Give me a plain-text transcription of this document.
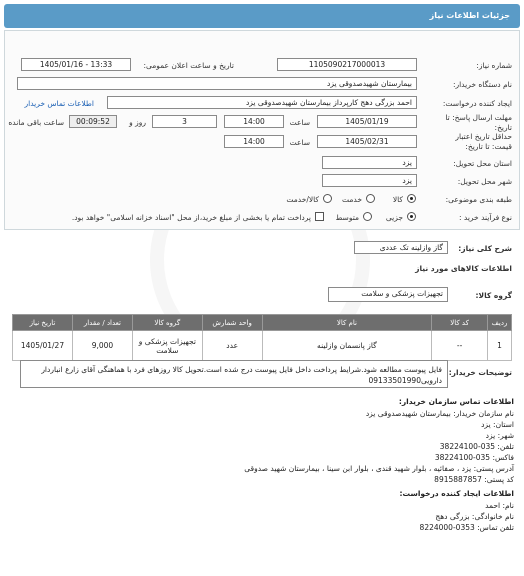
جزئیات اطلاعات نیاز
شماره نیاز:
1105090217000013
تاریخ و ساعت اعلان عمومی:
1405/01/16 - 13:33
نام دستگاه خریدار:
بیمارستان شهیدصدوقی یزد
ایجاد کننده درخواست:
احمد بزرگی دهج کارپرداز بیمارستان شهیدصدوقی یزد
اطلاعات تماس خریدار
مهلت ارسال پاسخ: تا
تاریخ:
1405/01/19
ساعت
14:00
3
روز و
00:09:52
ساعت باقی مانده
حداقل تاریخ اعتبار
قیمت: تا تاریخ:
1405/02/31
ساعت
14:00
استان محل تحویل:
یزد
شهر محل تحویل:
یزد
طبقه بندی موضوعی:
کالا
خدمت
کالا/خدمت
نوع فرآیند خرید :
جزیی
متوسط
پرداخت تمام یا بخشی از مبلغ خرید،از محل "اسناد خزانه اسلامی" خواهد بود.
شرح کلی نیاز:
گاز وازلینه تک عددی
اطلاعات کالاهای مورد نیاز
گروه کالا:
تجهیزات پزشکی و سلامت
ردیف	کد کالا	نام کالا	واحد شمارش	گروه کالا	تعداد / مقدار	تاریخ نیاز
1	--	گاز پانسمان وازلینه	عدد	تجهیزات پزشکی و سلامت	9,000	1405/01/27
توضیحات خریدار:
فایل پیوست مطالعه شود.شرایط پرداخت داخل فایل پیوست درج شده است.تحویل کالا روزهای فرد با هماهنگی آقای زارع انباردار دارویی09133501990
اطلاعات تماس سازمان خریدار:
نام سازمان خریدار: بیمارستان شهیدصدوقی یزد
استان: یزد
شهر: یزد
تلفن: 035-38224100
فاکس: 035-38224100
آدرس پستی: یزد ، صفائیه ، بلوار شهید قندی ، بلوار ابن سینا ، بیمارستان شهید صدوقی
کد پستی: 8915887857
اطلاعات ایجاد کننده درخواست:
نام: احمد
نام خانوادگی: بزرگی دهج
تلفن تماس: 0353-8224000
